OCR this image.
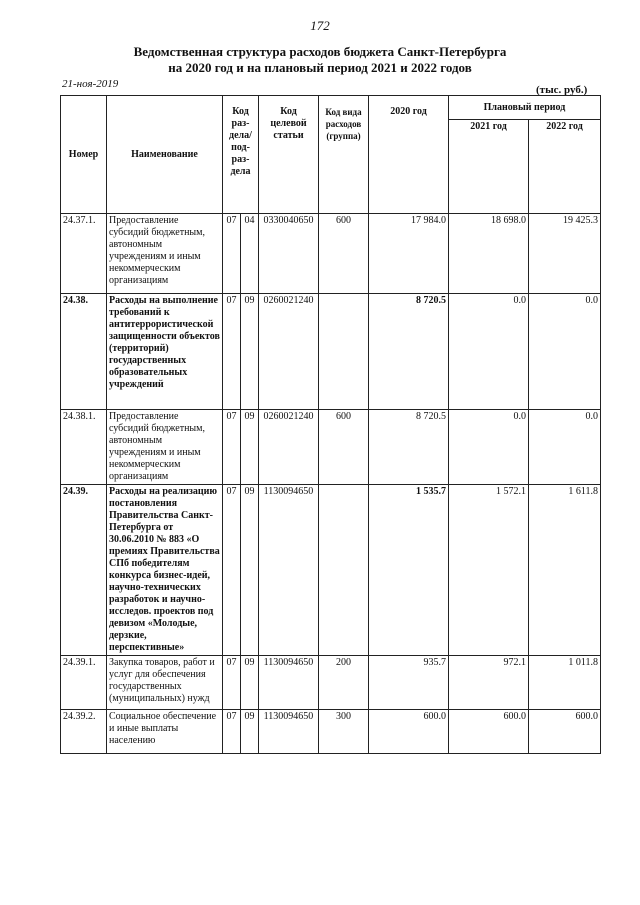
172
Ведомственная структура расходов бюджета Санкт-Петербурга
на 2020 год и на плановый период 2021 и 2022 годов
21-ноя-2019	(тыс. руб.)
Номер	Наименование	Код раз- дела/ под- раз- дела		Код целевой статьи	Код вида расходов (группа)	2020 год	Плановый период	
							2021 год	2022 год
24.37.1.	Предоставление субсидий бюджетным, автономным учреждениям и иным некоммерческим организациям	07	04	0330040650	600	17 984.0	18 698.0	19 425.3
24.38.	Расходы на выполнение требований к антитеррористической защищенности объектов (территорий) государственных образовательных учреждений	07	09	0260021240		8 720.5	0.0	0.0
24.38.1.	Предоставление субсидий бюджетным, автономным учреждениям и иным некоммерческим организациям	07	09	0260021240	600	8 720.5	0.0	0.0
24.39.	Расходы на реализацию постановления Правительства Санкт-Петербурга от 30.06.2010 № 883 «О премиях Правительства СПб победителям конкурса бизнес-идей, научно-технических разработок и научно-исследов. проектов под девизом «Молодые, дерзкие, перспективные»	07	09	1130094650		1 535.7	1 572.1	1 611.8
24.39.1.	Закупка товаров, работ и услуг для обеспечения государственных (муниципальных) нужд	07	09	1130094650	200	935.7	972.1	1 011.8
24.39.2.	Социальное обеспечение и иные выплаты населению	07	09	1130094650	300	600.0	600.0	600.0
